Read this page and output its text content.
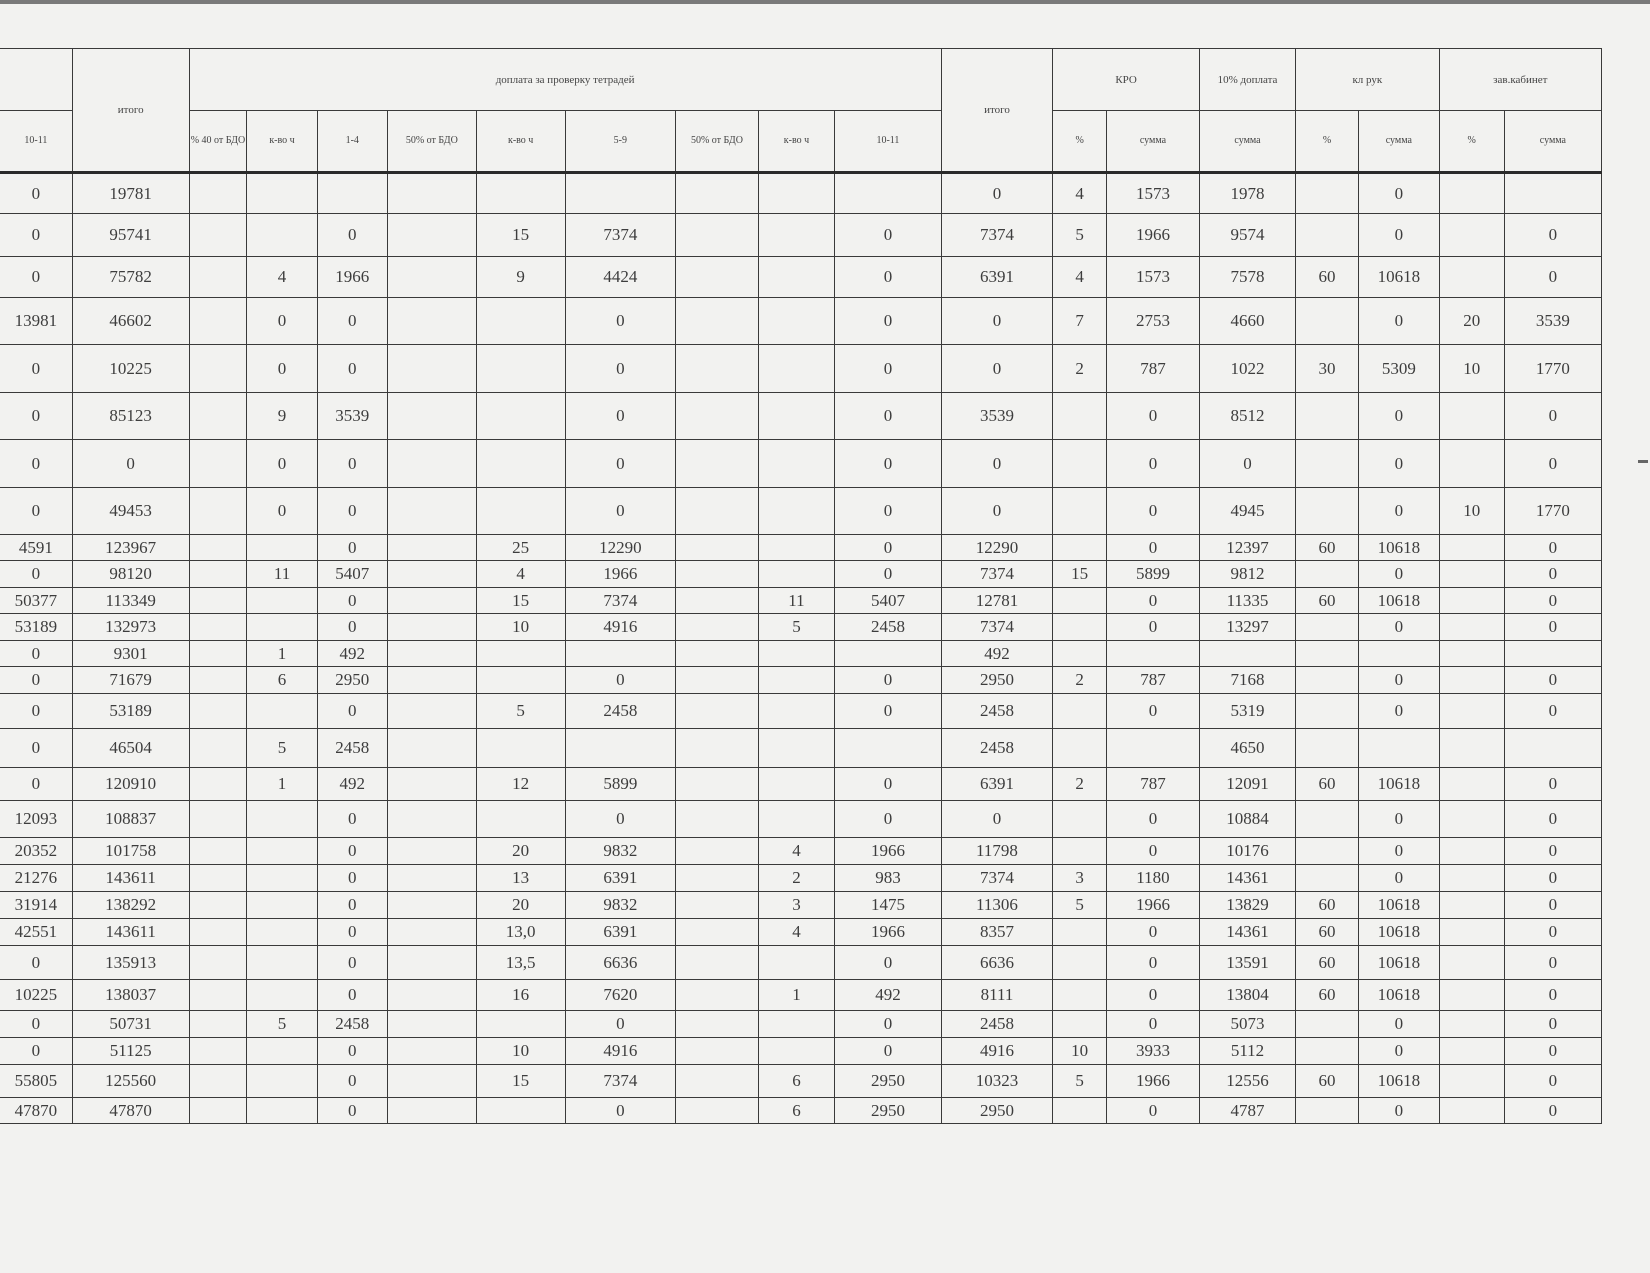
	итого	доплата за проверку тетрадей									итого	КРО		10% доплата	кл рук		зав.кабинет	
10-11		% 40 от БДО	к-во ч	1-4	50% от БДО	к-во ч	5-9	50% от БДО	к-во ч	10-11		%	сумма	сумма	%	сумма	%	сумма
0	19781										0	4	1573	1978		0		
0	95741			0		15	7374			0	7374	5	1966	9574		0		0
0	75782		4	1966		9	4424			0	6391	4	1573	7578	60	10618		0
13981	46602		0	0			0			0	0	7	2753	4660		0	20	3539
0	10225		0	0			0			0	0	2	787	1022	30	5309	10	1770
0	85123		9	3539			0			0	3539		0	8512		0		0
0	0		0	0			0			0	0		0	0		0		0
0	49453		0	0			0			0	0		0	4945		0	10	1770
4591	123967			0		25	12290			0	12290		0	12397	60	10618		0
0	98120		11	5407		4	1966			0	7374	15	5899	9812		0		0
50377	113349			0		15	7374		11	5407	12781		0	11335	60	10618		0
53189	132973			0		10	4916		5	2458	7374		0	13297		0		0
0	9301		1	492							492							
0	71679		6	2950			0			0	2950	2	787	7168		0		0
0	53189			0		5	2458			0	2458		0	5319		0		0
0	46504		5	2458							2458			4650				
0	120910		1	492		12	5899			0	6391	2	787	12091	60	10618		0
12093	108837			0			0			0	0		0	10884		0		0
20352	101758			0		20	9832		4	1966	11798		0	10176		0		0
21276	143611			0		13	6391		2	983	7374	3	1180	14361		0		0
31914	138292			0		20	9832		3	1475	11306	5	1966	13829	60	10618		0
42551	143611			0		13,0	6391		4	1966	8357		0	14361	60	10618		0
0	135913			0		13,5	6636			0	6636		0	13591	60	10618		0
10225	138037			0		16	7620		1	492	8111		0	13804	60	10618		0
0	50731		5	2458			0			0	2458		0	5073		0		0
0	51125			0		10	4916			0	4916	10	3933	5112		0		0
55805	125560			0		15	7374		6	2950	10323	5	1966	12556	60	10618		0
47870	47870			0			0		6	2950	2950		0	4787		0		0
